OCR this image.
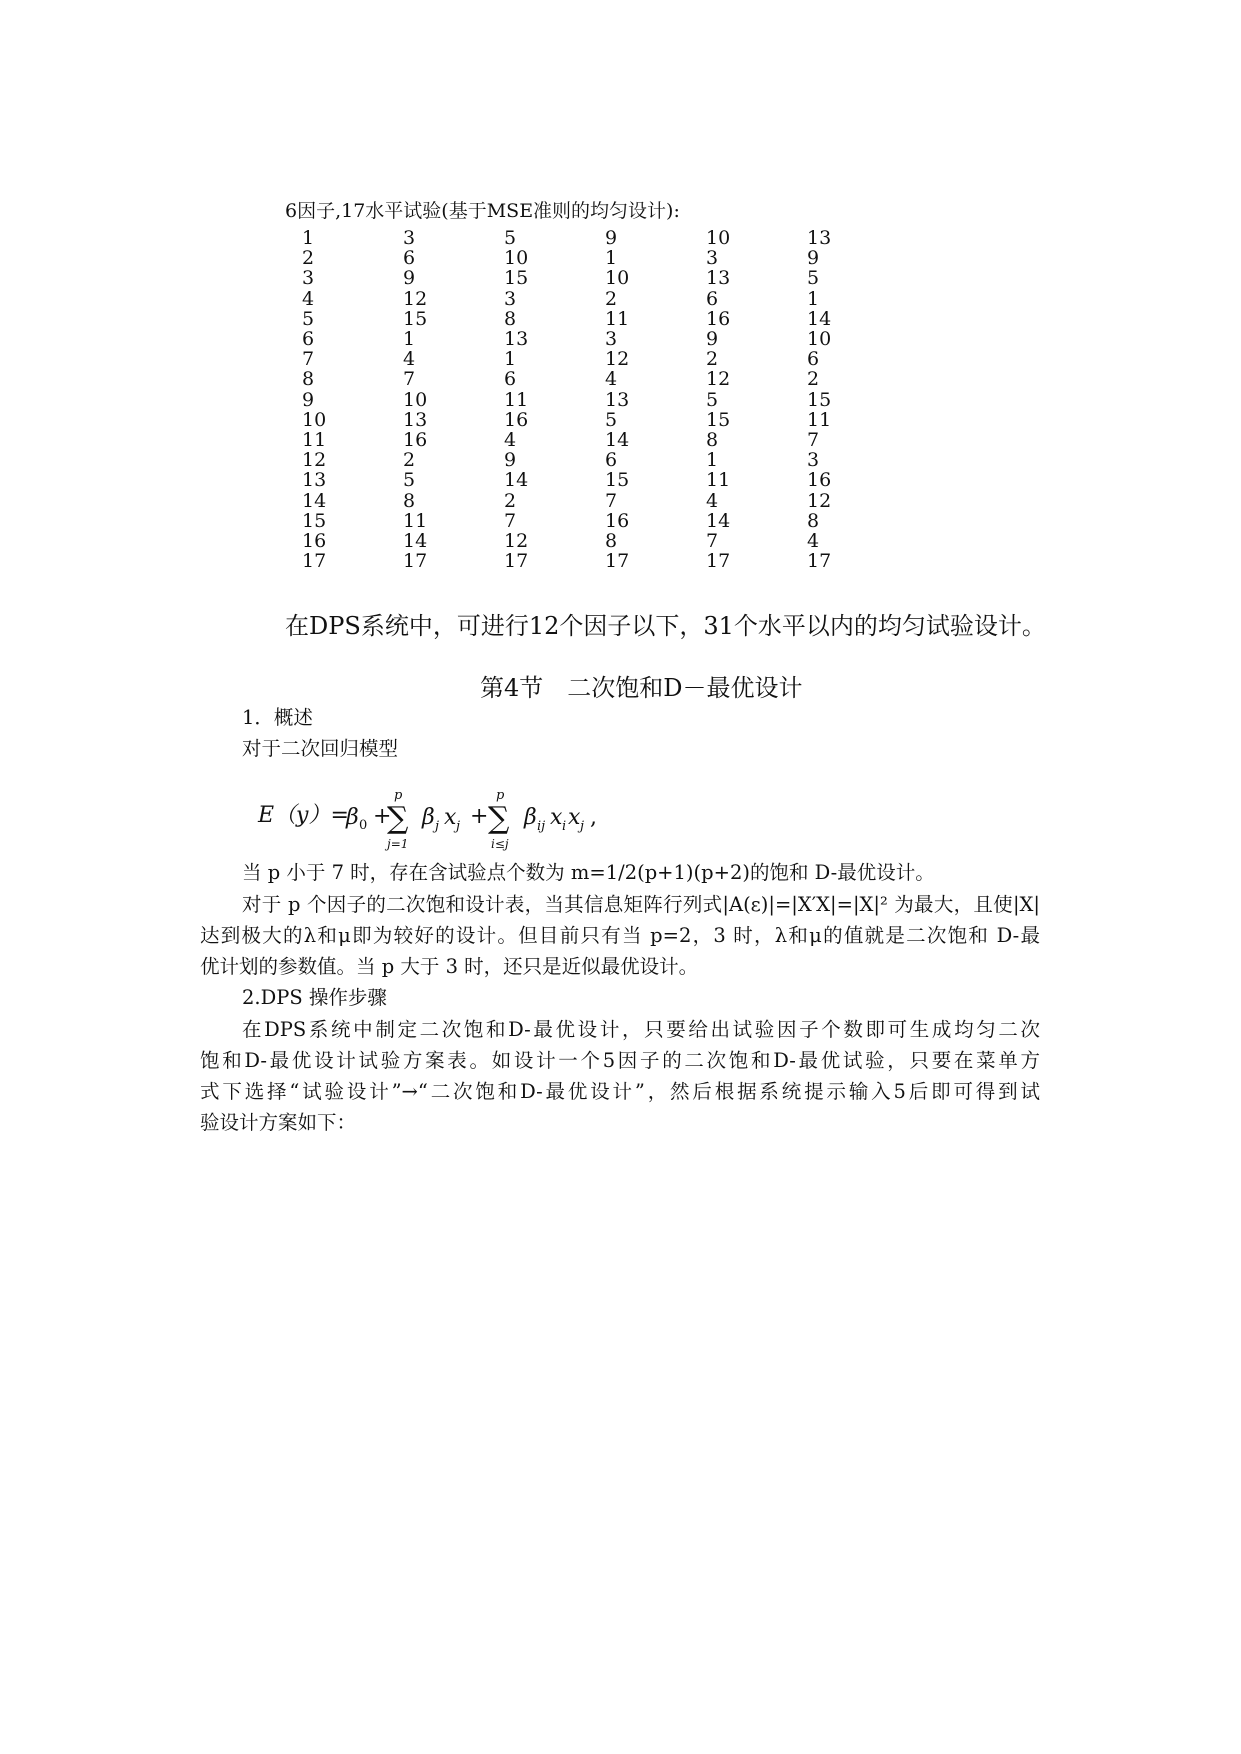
6因子,17水平试验(基于MSE准则的均匀设计):
1	3	5	9	10	13
2	6	10	1	3	9
3	9	15	10	13	5
4	12	3	2	6	1
5	15	8	11	16	14
6	1	13	3	9	10
7	4	1	12	2	6
8	7	6	4	12	2
9	10	11	13	5	15
10	13	16	5	15	11
11	16	4	14	8	7
12	2	9	6	1	3
13	5	14	15	11	16
14	8	2	7	4	12
15	11	7	16	14	8
16	14	12	8	7	4
17	17	17	17	17	17
在DPS系统中，可进行12个因子以下，31个水平以内的均匀试验设计。
第4节　二次饱和D－最优设计
1．概述
对于二次回归模型
E（y）=
β 0 +
p
∑
j=1
β j x j +
p
∑
i≤j
β ij x i x j ,
当 p 小于 7 时，存在含试验点个数为 m=1/2(p+1)(p+2)的饱和 D-最优设计。
对于 p 个因子的二次饱和设计表，当其信息矩阵行列式|A(ε)|=|X′X|=|X|² 为最大，且使|X|
达到极大的λ和μ即为较好的设计。但目前只有当 p=2，3 时，λ和μ的值就是二次饱和 D-最
优计划的参数值。当 p 大于 3 时，还只是近似最优设计。
2.DPS 操作步骤
在DPS系统中制定二次饱和D-最优设计，只要给出试验因子个数即可生成均匀二次
饱和D-最优设计试验方案表。如设计一个5因子的二次饱和D-最优试验，只要在菜单方
式下选择“试验设计”→“二次饱和D-最优设计”，然后根据系统提示输入5后即可得到试
验设计方案如下：
